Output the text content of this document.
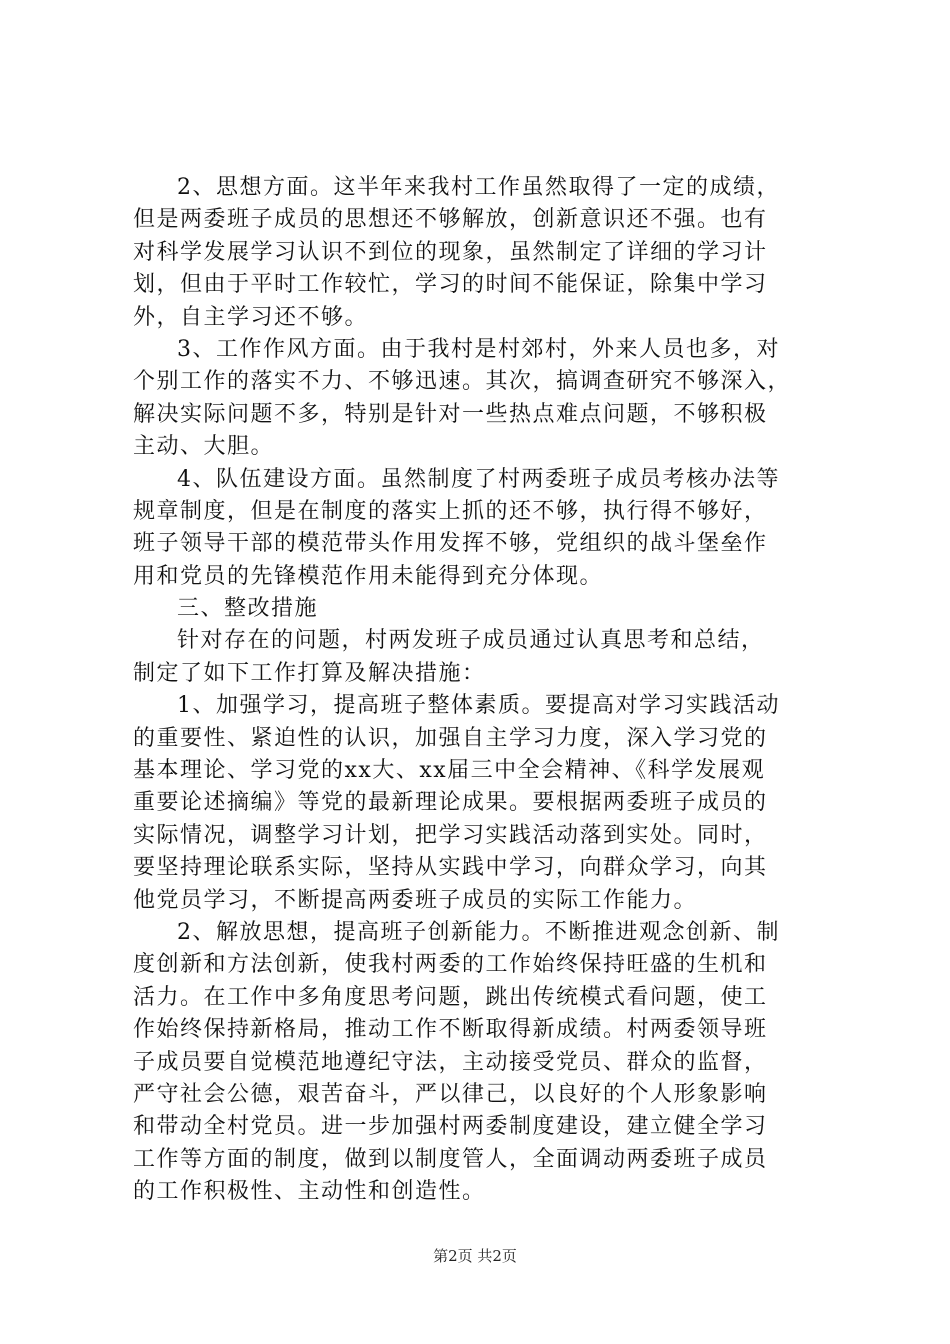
2、思想方面。这半年来我村工作虽然取得了一定的成绩，
但是两委班子成员的思想还不够解放，创新意识还不强。也有
对科学发展学习认识不到位的现象，虽然制定了详细的学习计
划，但由于平时工作较忙，学习的时间不能保证，除集中学习
外，自主学习还不够。
3、工作作风方面。由于我村是村郊村，外来人员也多，对
个别工作的落实不力、不够迅速。其次，搞调查研究不够深入，
解决实际问题不多，特别是针对一些热点难点问题，不够积极
主动、大胆。
4、队伍建设方面。虽然制度了村两委班子成员考核办法等
规章制度，但是在制度的落实上抓的还不够，执行得不够好，
班子领导干部的模范带头作用发挥不够，党组织的战斗堡垒作
用和党员的先锋模范作用未能得到充分体现。
三、整改措施
针对存在的问题，村两发班子成员通过认真思考和总结，
制定了如下工作打算及解决措施：
1、加强学习，提高班子整体素质。要提高对学习实践活动
的重要性、紧迫性的认识，加强自主学习力度，深入学习党的
基本理论、学习党的xx大、xx届三中全会精神、《科学发展观
重要论述摘编》等党的最新理论成果。要根据两委班子成员的
实际情况，调整学习计划，把学习实践活动落到实处。同时，
要坚持理论联系实际，坚持从实践中学习，向群众学习，向其
他党员学习，不断提高两委班子成员的实际工作能力。
2、解放思想，提高班子创新能力。不断推进观念创新、制
度创新和方法创新，使我村两委的工作始终保持旺盛的生机和
活力。在工作中多角度思考问题，跳出传统模式看问题，使工
作始终保持新格局，推动工作不断取得新成绩。村两委领导班
子成员要自觉模范地遵纪守法，主动接受党员、群众的监督，
严守社会公德，艰苦奋斗，严以律己，以良好的个人形象影响
和带动全村党员。进一步加强村两委制度建设，建立健全学习
工作等方面的制度，做到以制度管人，全面调动两委班子成员
的工作积极性、主动性和创造性。
第2页 共2页
